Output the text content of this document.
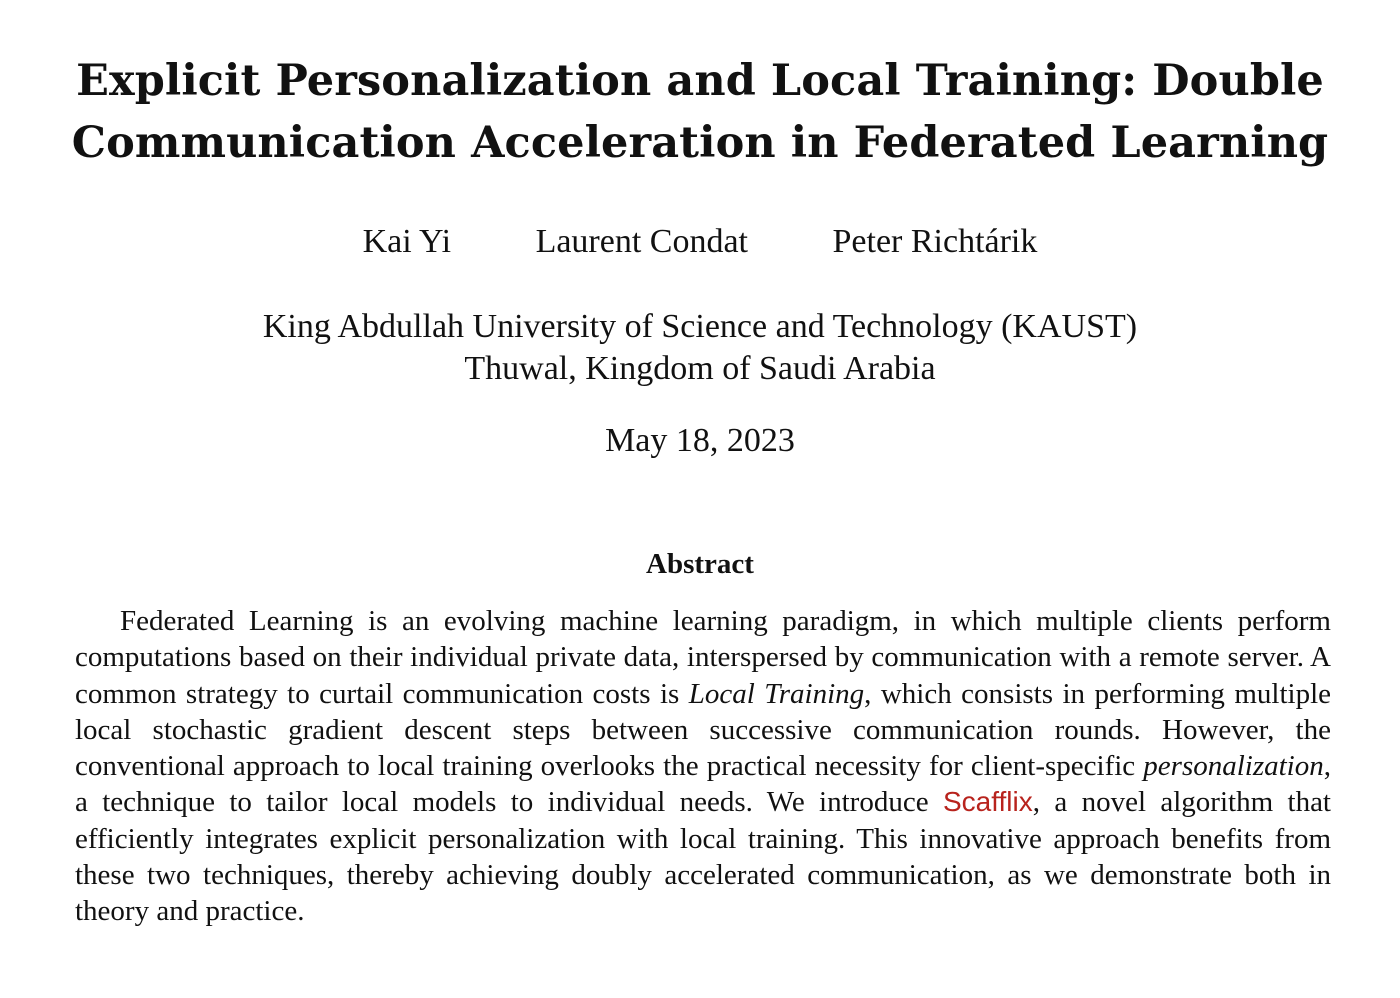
Explicit Personalization and Local Training: Double
Communication Acceleration in Federated Learning
Kai Yi Laurent Condat Peter Richtárik
King Abdullah University of Science and Technology (KAUST)
Thuwal, Kingdom of Saudi Arabia
May 18, 2023
Abstract

Federated Learning is an evolving machine learning paradigm, in which multiple clients perform computations based on their individual private data, interspersed by communication with a remote server. A common strategy to curtail communication costs is Local Training, which consists in performing multiple local stochastic gradient descent steps between successive communication rounds. However, the conventional approach to local training overlooks the practical necessity for client-specific personalization, a technique to tailor local models to individual needs. We introduce Scafflix, a novel algorithm that efficiently integrates explicit personalization with local training. This innovative approach benefits from these two techniques, thereby achieving doubly accelerated communication, as we demonstrate both in theory and practice.
